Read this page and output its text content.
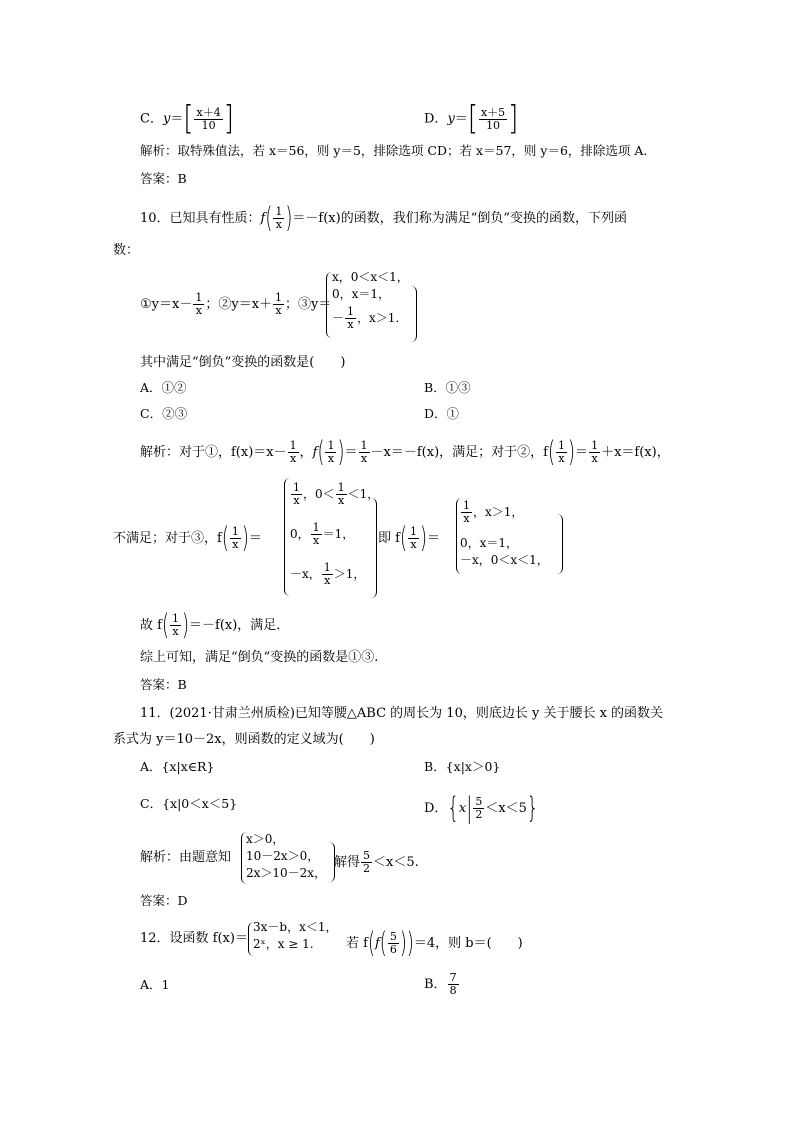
C．$y=[ \frac{x+4}{10}$ ]	D．$y=[ \frac{x+5}{10}$ ]
解析：取特殊值法，若 x＝56，则 y＝5，排除选项 CD；若 x＝57，则 y＝6，排除选项 A.
答案：B
10．已知具有性质：$f( \frac{1}{x} )=-f(x)$的函数，我们称为满足“倒负”变换的函数，下列函
数：
①y＝x－ $\frac{1}{x}$ ；②y＝x＋ $\frac{1}{x}$ ；③y＝
x，0＜x＜1，
0，x＝1，
－ $\frac{1}{x}$ ，x＞1.
其中满足“倒负”变换的函数是(　　)
A．①②	B．①③
C．②③	D．①
解析：对于①，$f(x)=x- \frac{1}{x}$ ，$f( \frac{1}{x}$ )＝ $\frac{1}{x} -x=-f(x)$，满足；对于②，$f( \frac{1}{x}$ )＝ $\frac{1}{x} +x=f(x)$，
不满足；对于③，$f( \frac{1}{x}$ )＝
$\frac{1}{x}$ ，$0< \frac{1}{x} <1$，
0， $\frac{1}{x} =1$，
－x， $\frac{1}{x} >1$，
即 $f( \frac{1}{x}$ )＝
$\frac{1}{x}$ ，x＞1，
0，x＝1，
－x，0＜x＜1，
故 $f( \frac{1}{x} )=-f(x)$，满足．
综上可知，满足“倒负”变换的函数是①③.
答案：B
11．(2021·甘肃兰州质检)已知等腰△ABC 的周长为 10，则底边长 y 关于腰长 x 的函数关
系式为 y＝10－2x，则函数的定义域为(　　)
A．{x|x∈R}	B．{x|x＞0}
C．{x|0＜x＜5}	D．$\{x| \frac{5}{2} <x<5\}$
解析：由题意知
x＞0，
10－2x＞0，
2x＞10－2x，
解得 $\frac{5}{2} <x<5$.
答案：D
12．设函数 f(x)＝
3x－b，x＜1，
2ˣ，x ≥ 1. 若 $f(f( \frac{5}{6} ))=4$，则 b＝(　　)
A．1	B． $\frac{7}{8}$
